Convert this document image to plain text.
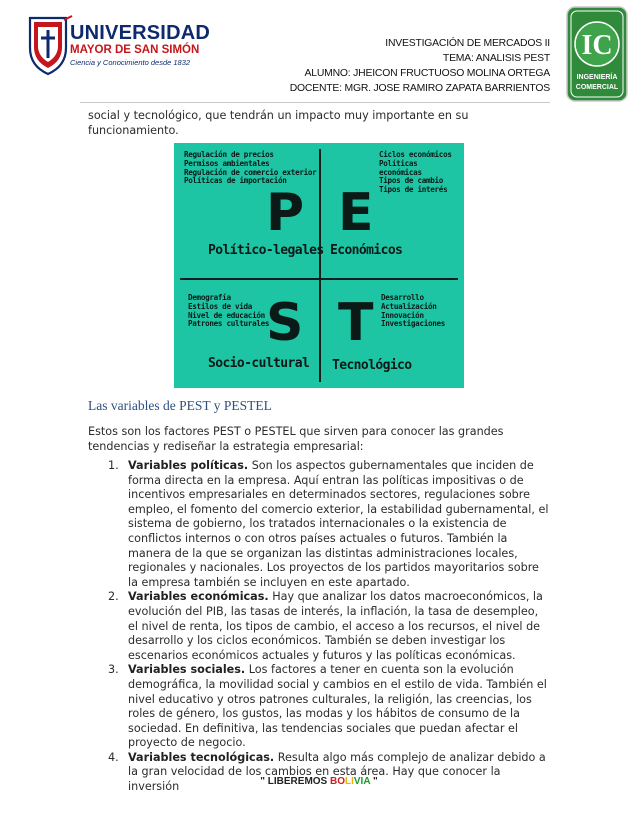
UNIVERSIDAD
MAYOR DE SAN SIMÓN
Ciencia y Conocimiento desde 1832
INVESTIGACIÓN DE MERCADOS II
TEMA: ANALISIS PEST
ALUMNO: JHEICON FRUCTUOSO MOLINA ORTEGA
DOCENTE: MGR. JOSE RAMIRO ZAPATA BARRIENTOS
IC
INGENIERÍA
COMERCIAL
social y tecnológico, que tendrán un impacto muy importante en su funcionamiento.
Regulación de precios
Permisos ambientales
Regulación de comercio exterior
Políticas de importación
P
Político-legales
Ciclos económicos
Políticas económicas
Tipos de cambio
Tipos de interés
E
Económicos
Demografía
Estilos de vida
Nivel de educación
Patrones culturales
S
Socio-cultural
Desarrollo
Actualización
Innovación
Investigaciones
T
Tecnológico
Las variables de PEST y PESTEL
Estos son los factores PEST o PESTEL que sirven para conocer las grandes tendencias y rediseñar la estrategia empresarial:
1. Variables políticas. Son los aspectos gubernamentales que inciden de forma directa en la empresa. Aquí entran las políticas impositivas o de incentivos empresariales en determinados sectores, regulaciones sobre empleo, el fomento del comercio exterior, la estabilidad gubernamental, el sistema de gobierno, los tratados internacionales o la existencia de conflictos internos o con otros países actuales o futuros. También la manera de la que se organizan las distintas administraciones locales, regionales y nacionales. Los proyectos de los partidos mayoritarios sobre la empresa también se incluyen en este apartado.
2. Variables económicas. Hay que analizar los datos macroeconómicos, la evolución del PIB, las tasas de interés, la inflación, la tasa de desempleo, el nivel de renta, los tipos de cambio, el acceso a los recursos, el nivel de desarrollo y los ciclos económicos. También se deben investigar los escenarios económicos actuales y futuros y las políticas económicas.
3. Variables sociales. Los factores a tener en cuenta son la evolución demográfica, la movilidad social y cambios en el estilo de vida. También el nivel educativo y otros patrones culturales, la religión, las creencias, los roles de género, los gustos, las modas y los hábitos de consumo de la sociedad. En definitiva, las tendencias sociales que puedan afectar el proyecto de negocio.
4. Variables tecnológicas. Resulta algo más complejo de analizar debido a la gran velocidad de los cambios en esta área. Hay que conocer la inversión	" LIBEREMOS BOLIVIA "
